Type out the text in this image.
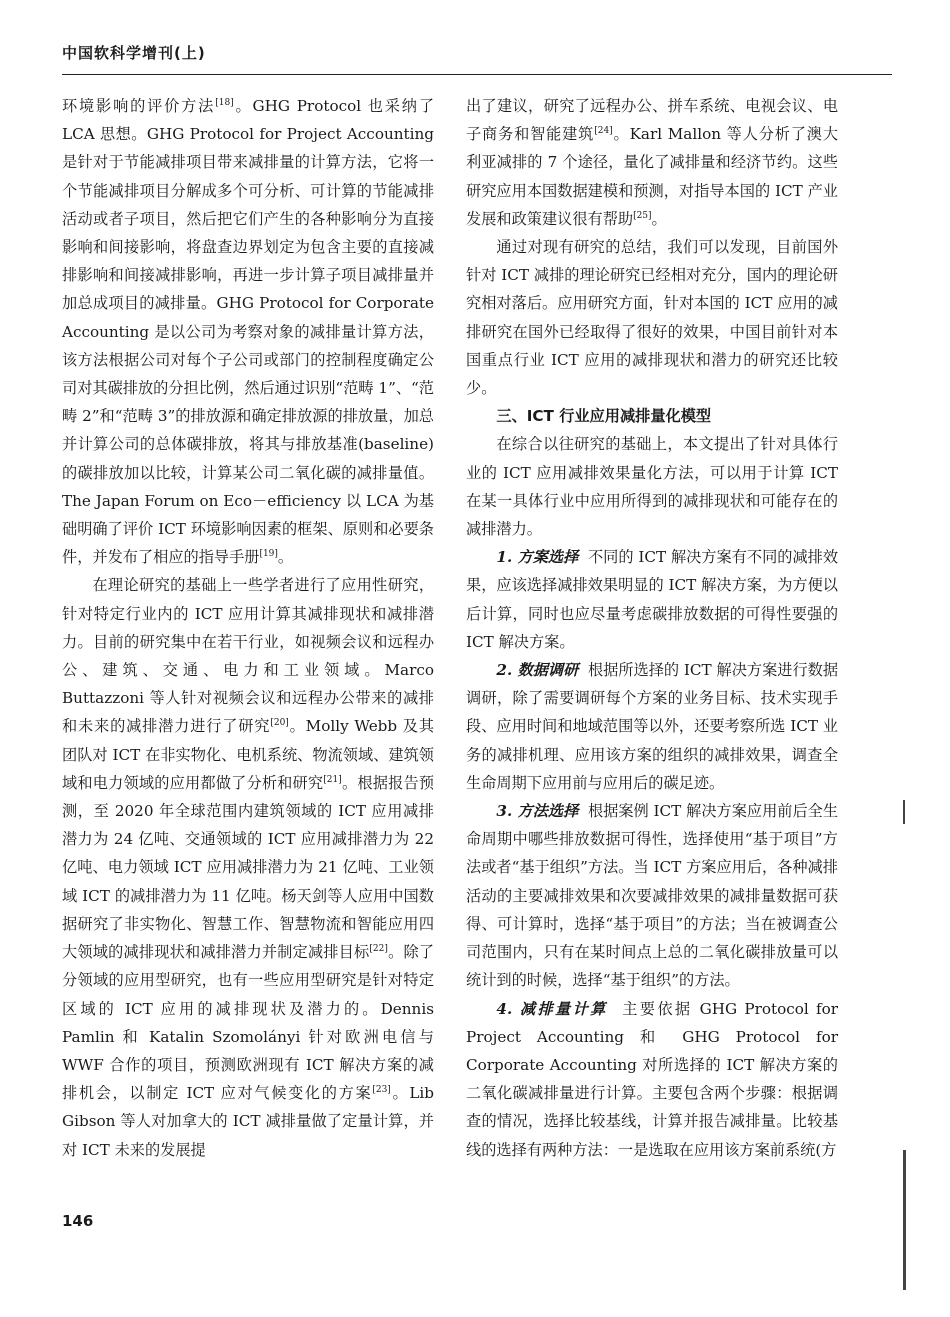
中国软科学增刊(上)

环境影响的评价方法[18]。GHG Protocol 也采纳了 LCA 思想。GHG Protocol for Project Accounting 是针对于节能减排项目带来减排量的计算方法，它将一个节能减排项目分解成多个可分析、可计算的节能减排活动或者子项目，然后把它们产生的各种影响分为直接影响和间接影响，将盘查边界划定为包含主要的直接减排影响和间接减排影响，再进一步计算子项目减排量并加总成项目的减排量。GHG Protocol for Corporate Accounting 是以公司为考察对象的减排量计算方法，该方法根据公司对每个子公司或部门的控制程度确定公司对其碳排放的分担比例，然后通过识别“范畴 1”、“范畴 2”和“范畴 3”的排放源和确定排放源的排放量，加总并计算公司的总体碳排放，将其与排放基准(baseline)的碳排放加以比较，计算某公司二氧化碳的减排量值。The Japan Forum on Eco－efficiency 以 LCA 为基础明确了评价 ICT 环境影响因素的框架、原则和必要条件，并发布了相应的指导手册[19]。

在理论研究的基础上一些学者进行了应用性研究，针对特定行业内的 ICT 应用计算其减排现状和减排潜力。目前的研究集中在若干行业，如视频会议和远程办公、建筑、交通、电力和工业领域。Marco Buttazzoni 等人针对视频会议和远程办公带来的减排和未来的减排潜力进行了研究[20]。Molly Webb 及其团队对 ICT 在非实物化、电机系统、物流领域、建筑领域和电力领域的应用都做了分析和研究[21]。根据报告预测，至 2020 年全球范围内建筑领域的 ICT 应用减排潜力为 24 亿吨、交通领域的 ICT 应用减排潜力为 22 亿吨、电力领域 ICT 应用减排潜力为 21 亿吨、工业领域 ICT 的减排潜力为 11 亿吨。杨天剑等人应用中国数据研究了非实物化、智慧工作、智慧物流和智能应用四大领域的减排现状和减排潜力并制定减排目标[22]。除了分领域的应用型研究，也有一些应用型研究是针对特定区域的 ICT 应用的减排现状及潜力的。Dennis Pamlin 和 Katalin Szomolányi 针对欧洲电信与 WWF 合作的项目，预测欧洲现有 ICT 解决方案的减排机会，以制定 ICT 应对气候变化的方案[23]。Lib Gibson 等人对加拿大的 ICT 减排量做了定量计算，并对 ICT 未来的发展提

出了建议，研究了远程办公、拼车系统、电视会议、电子商务和智能建筑[24]。Karl Mallon 等人分析了澳大利亚减排的 7 个途径，量化了减排量和经济节约。这些研究应用本国数据建模和预测，对指导本国的 ICT 产业发展和政策建议很有帮助[25]。

通过对现有研究的总结，我们可以发现，目前国外针对 ICT 减排的理论研究已经相对充分，国内的理论研究相对落后。应用研究方面，针对本国的 ICT 应用的减排研究在国外已经取得了很好的效果，中国目前针对本国重点行业 ICT 应用的减排现状和潜力的研究还比较少。

三、ICT 行业应用减排量化模型

在综合以往研究的基础上，本文提出了针对具体行业的 ICT 应用减排效果量化方法，可以用于计算 ICT 在某一具体行业中应用所得到的减排现状和可能存在的减排潜力。

1. 方案选择 不同的 ICT 解决方案有不同的减排效果，应该选择减排效果明显的 ICT 解决方案，为方便以后计算，同时也应尽量考虑碳排放数据的可得性要强的 ICT 解决方案。

2. 数据调研 根据所选择的 ICT 解决方案进行数据调研，除了需要调研每个方案的业务目标、技术实现手段、应用时间和地域范围等以外，还要考察所选 ICT 业务的减排机理、应用该方案的组织的减排效果，调查全生命周期下应用前与应用后的碳足迹。

3. 方法选择 根据案例 ICT 解决方案应用前后全生命周期中哪些排放数据可得性，选择使用“基于项目”方法或者“基于组织”方法。当 ICT 方案应用后，各种减排活动的主要减排效果和次要减排效果的减排量数据可获得、可计算时，选择“基于项目”的方法；当在被调查公司范围内，只有在某时间点上总的二氧化碳排放量可以统计到的时候，选择“基于组织”的方法。

4. 减排量计算 主要依据 GHG Protocol for Project Accounting 和 GHG Protocol for Corporate Accounting 对所选择的 ICT 解决方案的二氧化碳减排量进行计算。主要包含两个步骤：根据调查的情况，选择比较基线，计算并报告减排量。比较基线的选择有两种方法：一是选取在应用该方案前系统(方

146
